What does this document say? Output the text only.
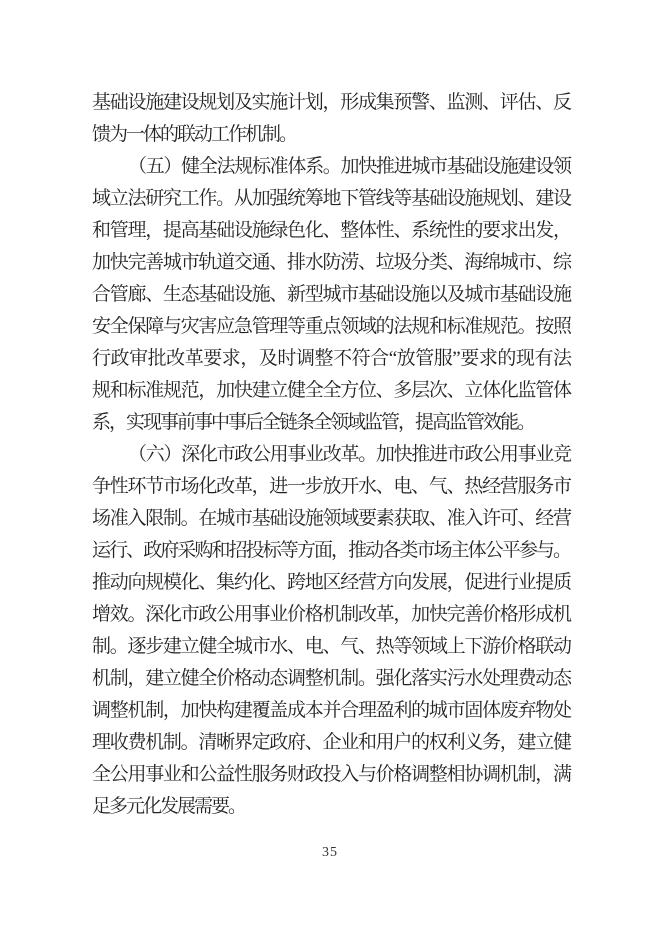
基础设施建设规划及实施计划，形成集预警、监测、评估、反
馈为一体的联动工作机制。
（五）健全法规标准体系。加快推进城市基础设施建设领
域立法研究工作。从加强统筹地下管线等基础设施规划、建设
和管理，提高基础设施绿色化、整体性、系统性的要求出发，
加快完善城市轨道交通、排水防涝、垃圾分类、海绵城市、综
合管廊、生态基础设施、新型城市基础设施以及城市基础设施
安全保障与灾害应急管理等重点领域的法规和标准规范。按照
行政审批改革要求，及时调整不符合“放管服”要求的现有法
规和标准规范，加快建立健全全方位、多层次、立体化监管体
系，实现事前事中事后全链条全领域监管，提高监管效能。
（六）深化市政公用事业改革。加快推进市政公用事业竞
争性环节市场化改革，进一步放开水、电、气、热经营服务市
场准入限制。在城市基础设施领域要素获取、准入许可、经营
运行、政府采购和招投标等方面，推动各类市场主体公平参与。
推动向规模化、集约化、跨地区经营方向发展，促进行业提质
增效。深化市政公用事业价格机制改革，加快完善价格形成机
制。逐步建立健全城市水、电、气、热等领域上下游价格联动
机制，建立健全价格动态调整机制。强化落实污水处理费动态
调整机制，加快构建覆盖成本并合理盈利的城市固体废弃物处
理收费机制。清晰界定政府、企业和用户的权利义务，建立健
全公用事业和公益性服务财政投入与价格调整相协调机制，满
足多元化发展需要。
35
